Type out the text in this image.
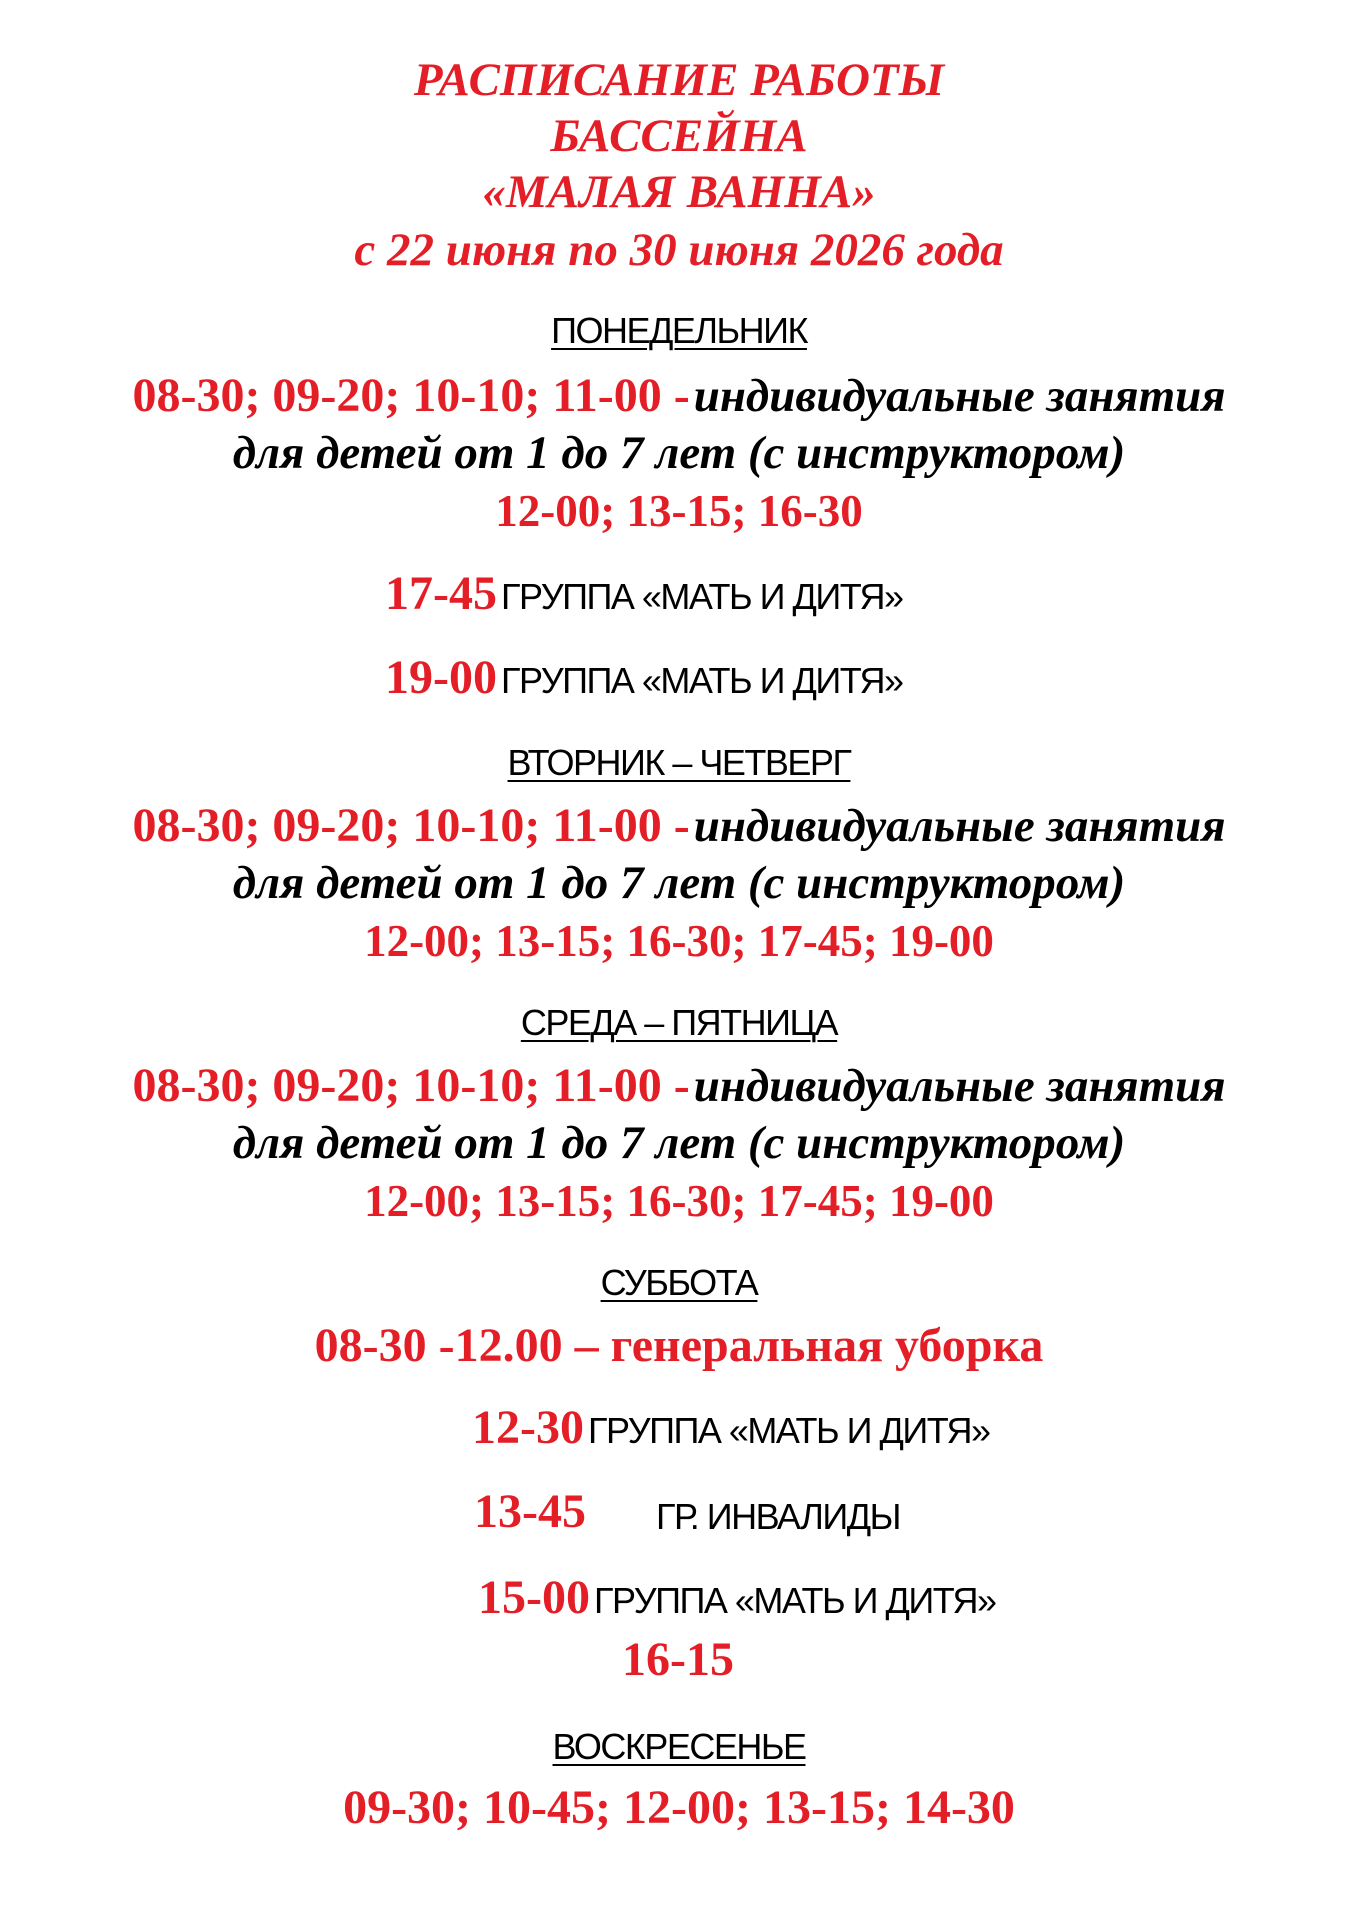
РАСПИСАНИЕ РАБОТЫ
БАССЕЙНА
«МАЛАЯ ВАННА»
с 22 июня по 30 июня 2026 года
ПОНЕДЕЛЬНИК
08-30; 09-20; 10-10; 11-00 - индивидуальные занятия
для детей от 1 до 7 лет (с инструктором)
12-00; 13-15; 16-30
17-45 ГРУППА «МАТЬ И ДИТЯ»
19-00 ГРУППА «МАТЬ И ДИТЯ»
ВТОРНИК – ЧЕТВЕРГ
08-30; 09-20; 10-10; 11-00 - индивидуальные занятия
для детей от 1 до 7 лет (с инструктором)
12-00; 13-15; 16-30; 17-45; 19-00
СРЕДА – ПЯТНИЦА
08-30; 09-20; 10-10; 11-00 - индивидуальные занятия
для детей от 1 до 7 лет (с инструктором)
12-00; 13-15; 16-30; 17-45; 19-00
СУББОТА
08-30 -12.00 – генеральная уборка
12-30 ГРУППА «МАТЬ И ДИТЯ»
13-45 ГР. ИНВАЛИДЫ
15-00 ГРУППА «МАТЬ И ДИТЯ»
16-15
ВОСКРЕСЕНЬЕ
09-30; 10-45; 12-00; 13-15; 14-30
